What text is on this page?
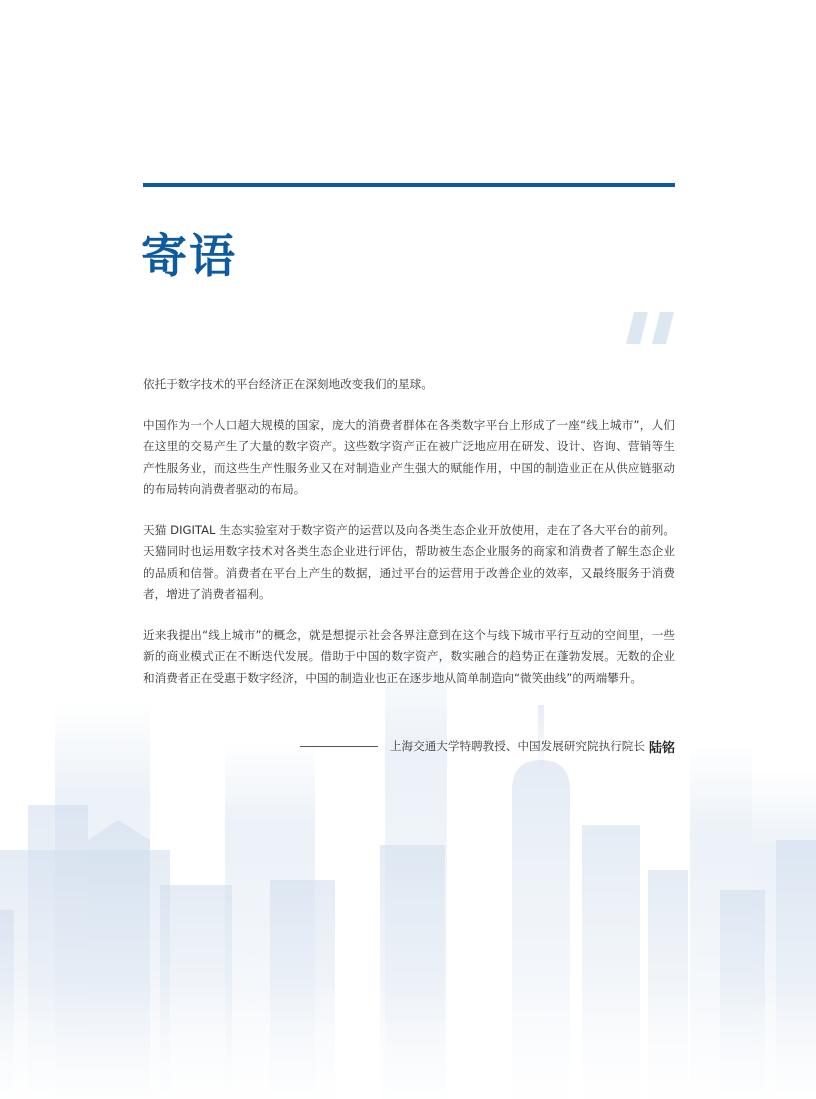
寄语

依托于数字技术的平台经济正在深刻地改变我们的星球。

中国作为一个人口超大规模的国家，庞大的消费者群体在各类数字平台上形成了一座“线上城市”，人们在这里的交易产生了大量的数字资产。这些数字资产正在被广泛地应用在研发、设计、咨询、营销等生产性服务业，而这些生产性服务业又在对制造业产生强大的赋能作用，中国的制造业正在从供应链驱动的布局转向消费者驱动的布局。

天猫 DIGITAL 生态实验室对于数字资产的运营以及向各类生态企业开放使用，走在了各大平台的前列。天猫同时也运用数字技术对各类生态企业进行评估，帮助被生态企业服务的商家和消费者了解生态企业的品质和信誉。消费者在平台上产生的数据，通过平台的运营用于改善企业的效率，又最终服务于消费者，增进了消费者福利。

近来我提出“线上城市”的概念，就是想提示社会各界注意到在这个与线下城市平行互动的空间里，一些新的商业模式正在不断迭代发展。借助于中国的数字资产，数实融合的趋势正在蓬勃发展。无数的企业和消费者正在受惠于数字经济，中国的制造业也正在逐步地从简单制造向“微笑曲线”的两端攀升。

上海交通大学特聘教授、中国发展研究院执行院长 陆铭
